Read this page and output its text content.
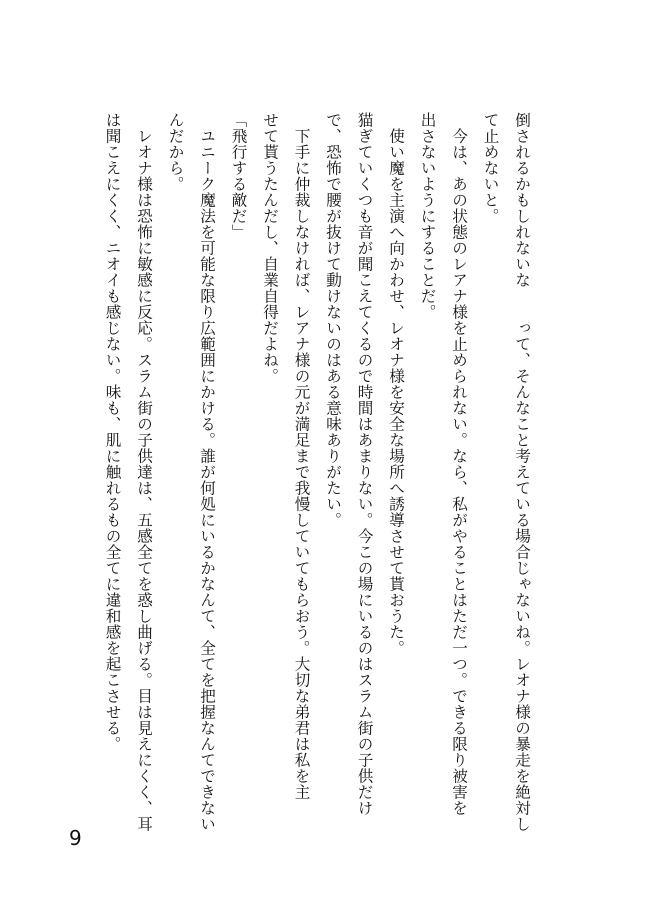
倒されるかもしれないな　　って、そんなこと考えている場合じゃないね。レオナ様の暴走を絶対し
て止めないと。
　今は、あの状態のレアナ様を止められない。なら、私がやることはただ一つ。できる限り被害を
出さないようにすることだ。
　使い魔を主演へ向かわせ、レオナ様を安全な場所へ誘導させて貰おうた。
猫ぎていくつも音が聞こえてくるので時間はあまりない。今この場にいるのはスラム街の子供だけ
で、恐怖で腰が抜けて動けないのはある意味ありがたい。
　下手に仲裁しなければ、レアナ様の元が満足まで我慢していてもらおう。大切な弟君は私を主
せて貰うたんだし、自業自得だよね。
「飛行する敵だ」
　ユニーク魔法を可能な限り広範囲にかける。誰が何処にいるかなんて、全てを把握なんてできない
んだから。
　レオナ様は恐怖に敏感に反応。スラム街の子供達は、五感全てを惑し曲げる。目は見えにくく、耳
は聞こえにくく、ニオイも感じない。味も、肌に触れるもの全てに違和感を起こさせる。
9
